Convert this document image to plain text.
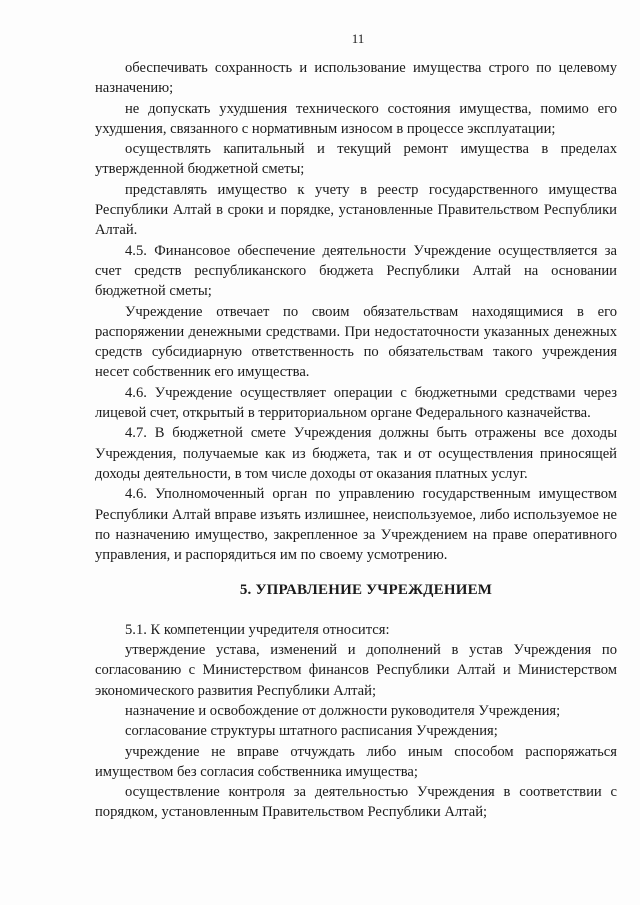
11

обеспечивать сохранность и использование имущества строго по целевому назначению;

не допускать ухудшения технического состояния имущества, помимо его ухудшения, связанного с нормативным износом в процессе эксплуатации;

осуществлять капитальный и текущий ремонт имущества в пределах утвержденной бюджетной сметы;

представлять имущество к учету в реестр государственного имущества Республики Алтай в сроки и порядке, установленные Правительством Республики Алтай.

4.5. Финансовое обеспечение деятельности Учреждение осуществляется за счет средств республиканского бюджета Республики Алтай на основании бюджетной сметы;

Учреждение отвечает по своим обязательствам находящимися в его распоряжении денежными средствами. При недостаточности указанных денежных средств субсидиарную ответственность по обязательствам такого учреждения несет собственник его имущества.

4.6. Учреждение осуществляет операции с бюджетными средствами через лицевой счет, открытый в территориальном органе Федерального казначейства.

4.7. В бюджетной смете Учреждения должны быть отражены все доходы Учреждения, получаемые как из бюджета, так и от осуществления приносящей доходы деятельности, в том числе доходы от оказания платных услуг.

4.6. Уполномоченный орган по управлению государственным имуществом Республики Алтай вправе изъять излишнее, неиспользуемое, либо используемое не по назначению имущество, закрепленное за Учреждением на праве оперативного управления, и распорядиться им по своему усмотрению.

5. УПРАВЛЕНИЕ УЧРЕЖДЕНИЕМ

5.1. К компетенции учредителя относится:

утверждение устава, изменений и дополнений в устав Учреждения по согласованию с Министерством финансов Республики Алтай и Министерством экономического развития Республики Алтай;

назначение и освобождение от должности руководителя Учреждения;

согласование структуры штатного расписания Учреждения;

учреждение не вправе отчуждать либо иным способом распоряжаться имуществом без согласия собственника имущества;

осуществление контроля за деятельностью Учреждения в соответствии с порядком, установленным Правительством Республики Алтай;
